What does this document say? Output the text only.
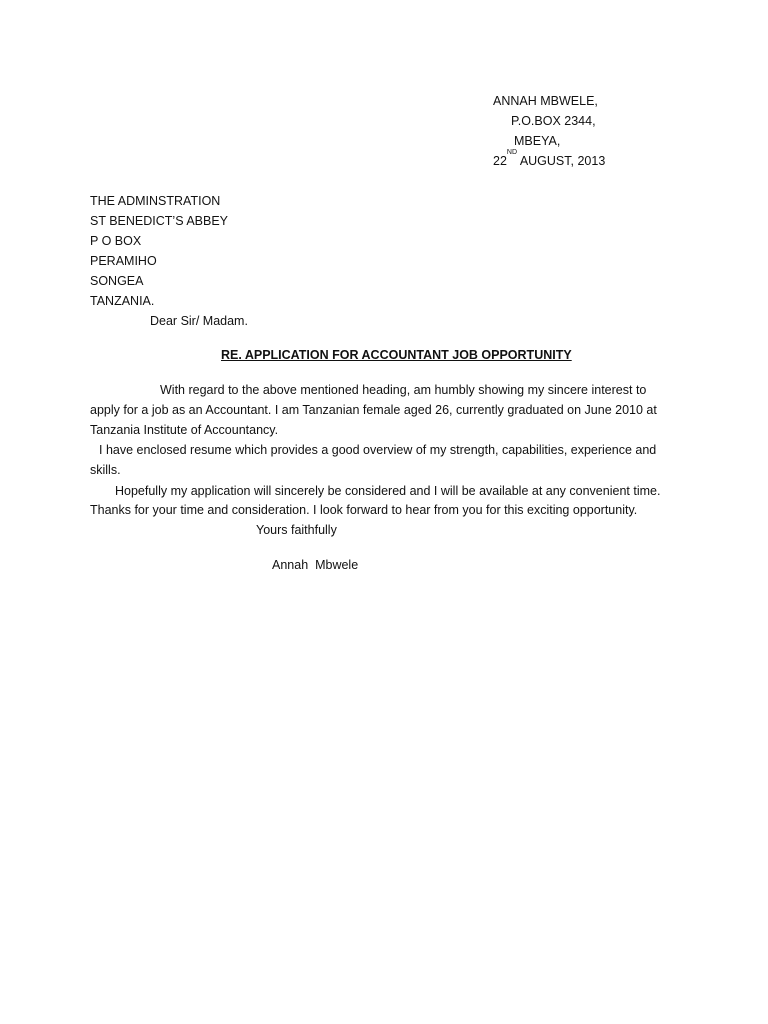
ANNAH MBWELE,
P.O.BOX 2344,
MBEYA,
22ND AUGUST, 2013
THE ADMINSTRATION
ST BENEDICT’S ABBEY
P O BOX
PERAMIHO
SONGEA
TANZANIA.
Dear Sir/ Madam.
RE. APPLICATION FOR ACCOUNTANT JOB OPPORTUNITY
With regard to the above mentioned heading, am humbly showing my sincere interest to
apply for a job as an Accountant. I am Tanzanian female aged 26, currently graduated on June 2010 at
Tanzania Institute of Accountancy.
I have enclosed resume which provides a good overview of my strength, capabilities, experience and
skills.
Hopefully my application will sincerely be considered and I will be available at any convenient time.
Thanks for your time and consideration. I look forward to hear from you for this exciting opportunity.
Yours faithfully
Annah  Mbwele
